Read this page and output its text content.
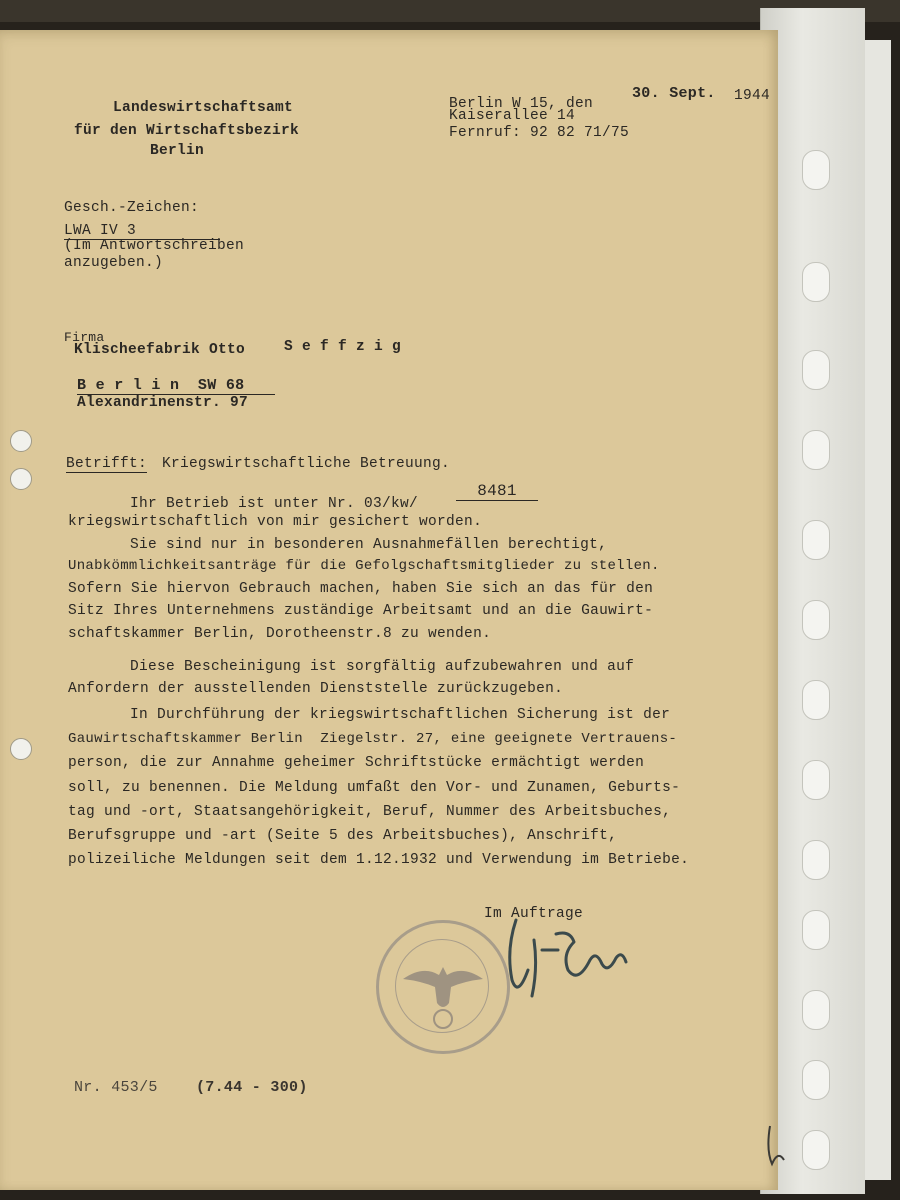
Landeswirtschaftsamt
für den Wirtschaftsbezirk
Berlin
Berlin W 15, den
30. Sept. 1944
Kaiserallee 14
Fernruf: 92 82 71/75
Gesch.-Zeichen:
LWA IV 3
(Im Antwortschreiben
anzugeben.)
Firma
Klischeefabrik Otto	S e f f z i g
B e r l i n  SW 68
Alexandrinenstr. 97
Betrifft: Kriegswirtschaftliche Betreuung.
Ihr Betrieb ist unter Nr. 03/kw/
8481
kriegswirtschaftlich von mir gesichert worden.
Sie sind nur in besonderen Ausnahmefällen berechtigt,
Unabkömmlichkeitsanträge für die Gefolgschaftsmitglieder zu stellen.
Sofern Sie hiervon Gebrauch machen, haben Sie sich an das für den
Sitz Ihres Unternehmens zuständige Arbeitsamt und an die Gauwirt-
schaftskammer Berlin, Dorotheenstr.8 zu wenden.
Diese Bescheinigung ist sorgfältig aufzubewahren und auf
Anfordern der ausstellenden Dienststelle zurückzugeben.
In Durchführung der kriegswirtschaftlichen Sicherung ist der
Gauwirtschaftskammer Berlin  Ziegelstr. 27, eine geeignete Vertrauens-
person, die zur Annahme geheimer Schriftstücke ermächtigt werden
soll, zu benennen. Die Meldung umfaßt den Vor- und Zunamen, Geburts-
tag und -ort, Staatsangehörigkeit, Beruf, Nummer des Arbeitsbuches,
Berufsgruppe und -art (Seite 5 des Arbeitsbuches), Anschrift,
polizeiliche Meldungen seit dem 1.12.1932 und Verwendung im Betriebe.
Im Auftrage
Nr. 453/5	(7.44 - 300)
